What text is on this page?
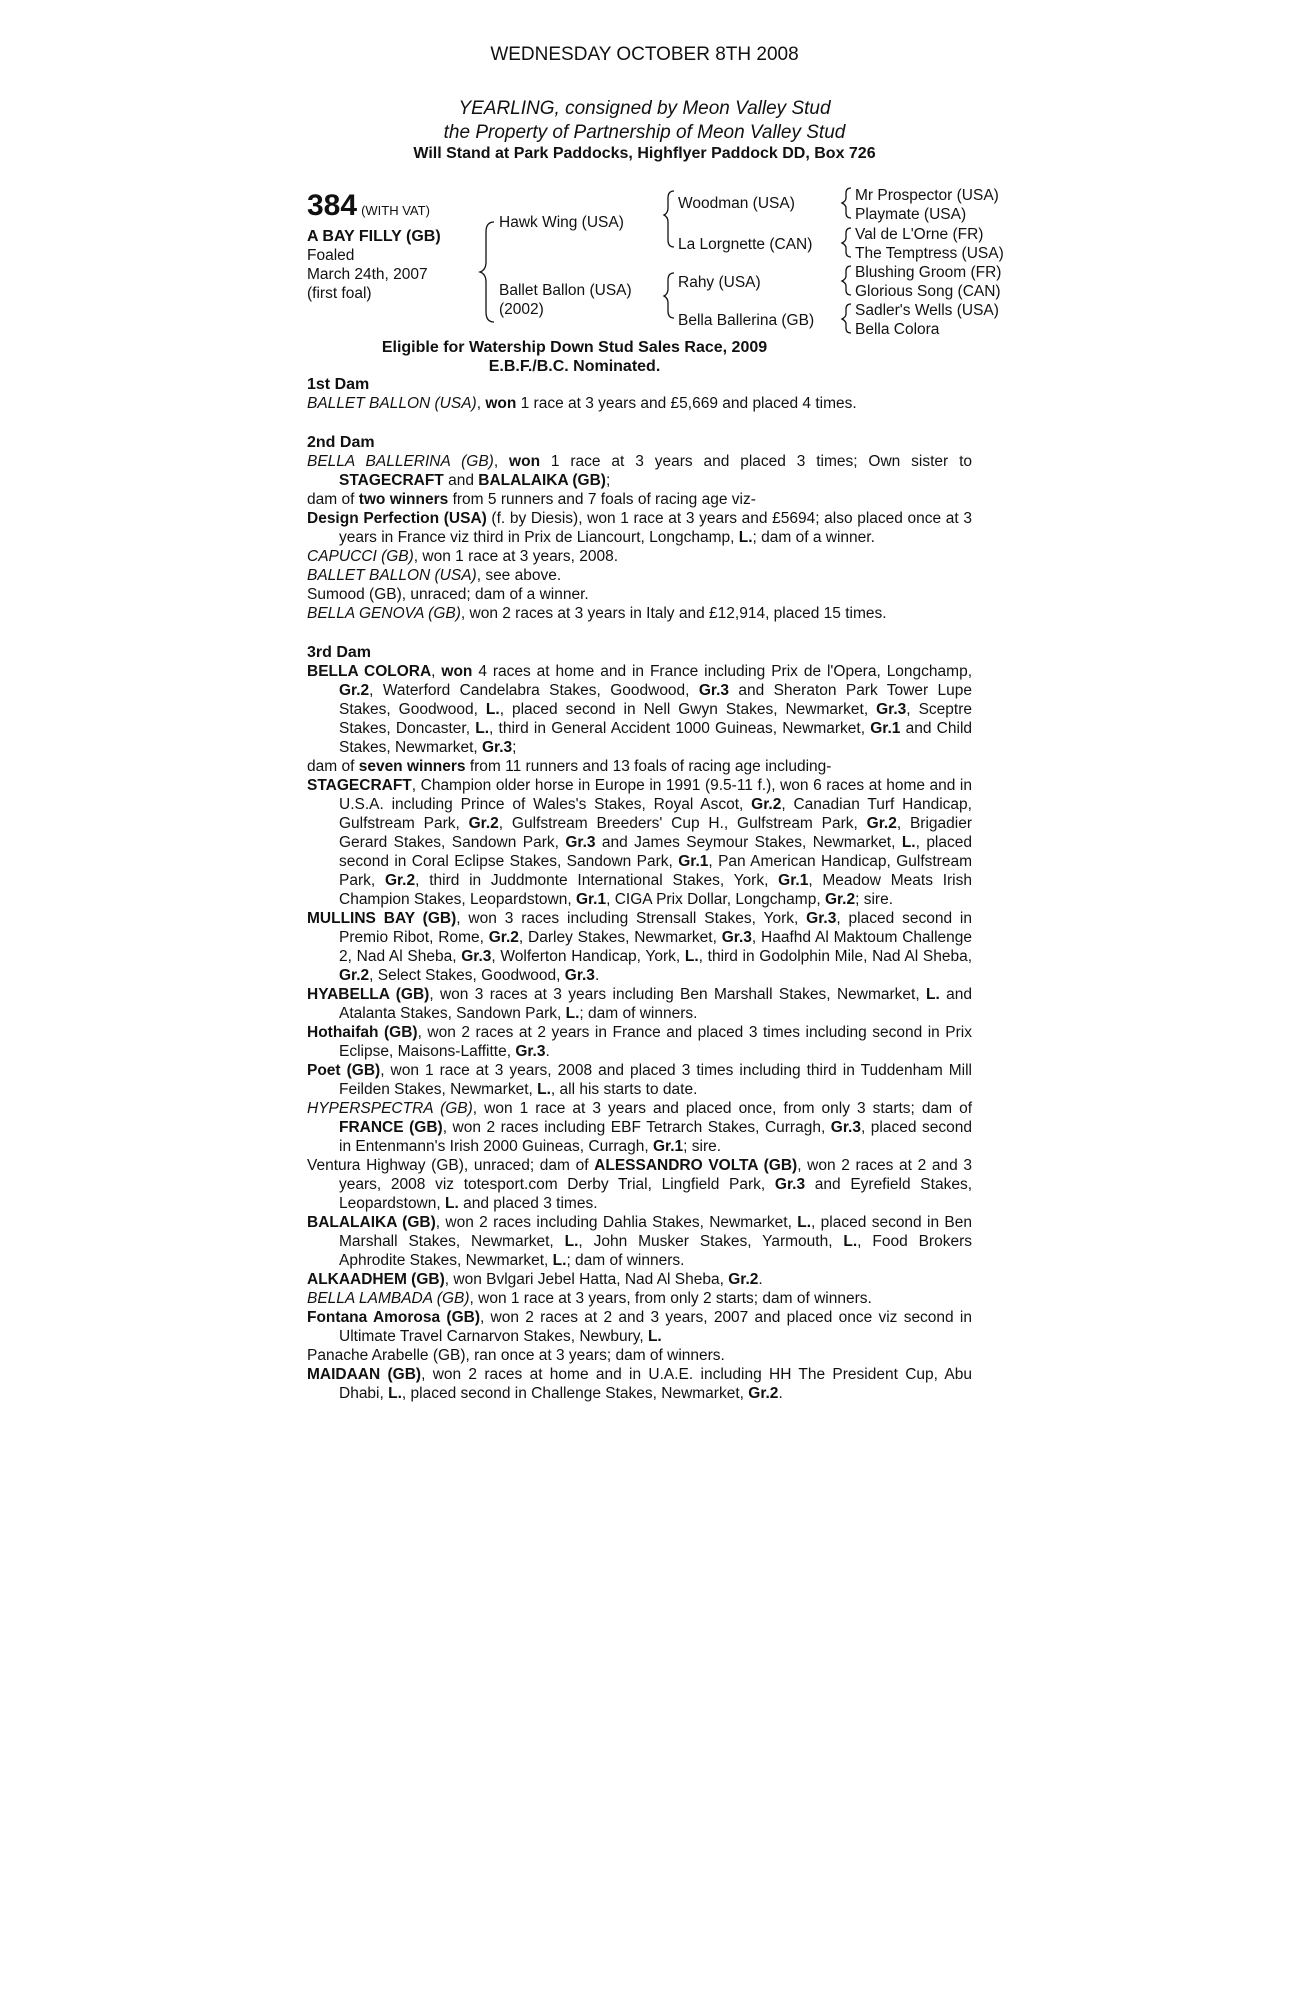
WEDNESDAY OCTOBER 8TH 2008
YEARLING, consigned by Meon Valley Stud
the Property of Partnership of Meon Valley Stud
Will Stand at Park Paddocks, Highflyer Paddock DD, Box 726
384 (WITH VAT)
A BAY FILLY (GB)
Foaled
March 24th, 2007
(first foal)
Hawk Wing (USA)
Ballet Ballon (USA)
(2002)
Woodman (USA)
La Lorgnette (CAN)
Rahy (USA)
Bella Ballerina (GB)
Mr Prospector (USA)
Playmate (USA)
Val de L'Orne (FR)
The Temptress (USA)
Blushing Groom (FR)
Glorious Song (CAN)
Sadler's Wells (USA)
Bella Colora
Eligible for Watership Down Stud Sales Race, 2009
E.B.F./B.C. Nominated.

1st Dam

BALLET BALLON (USA), won 1 race at 3 years and £5,669 and placed 4 times.

2nd Dam

BELLA BALLERINA (GB), won 1 race at 3 years and placed 3 times; Own sister to STAGECRAFT and BALALAIKA (GB);

dam of two winners from 5 runners and 7 foals of racing age viz-

Design Perfection (USA) (f. by Diesis), won 1 race at 3 years and £5694; also placed once at 3 years in France viz third in Prix de Liancourt, Longchamp, L.; dam of a winner.

CAPUCCI (GB), won 1 race at 3 years, 2008.

BALLET BALLON (USA), see above.

Sumood (GB), unraced; dam of a winner.

BELLA GENOVA (GB), won 2 races at 3 years in Italy and £12,914, placed 15 times.

3rd Dam

BELLA COLORA, won 4 races at home and in France including Prix de l'Opera, Longchamp, Gr.2, Waterford Candelabra Stakes, Goodwood, Gr.3 and Sheraton Park Tower Lupe Stakes, Goodwood, L., placed second in Nell Gwyn Stakes, Newmarket, Gr.3, Sceptre Stakes, Doncaster, L., third in General Accident 1000 Guineas, Newmarket, Gr.1 and Child Stakes, Newmarket, Gr.3;

dam of seven winners from 11 runners and 13 foals of racing age including-

STAGECRAFT, Champion older horse in Europe in 1991 (9.5-11 f.), won 6 races at home and in U.S.A. including Prince of Wales's Stakes, Royal Ascot, Gr.2, Canadian Turf Handicap, Gulfstream Park, Gr.2, Gulfstream Breeders' Cup H., Gulfstream Park, Gr.2, Brigadier Gerard Stakes, Sandown Park, Gr.3 and James Seymour Stakes, Newmarket, L., placed second in Coral Eclipse Stakes, Sandown Park, Gr.1, Pan American Handicap, Gulfstream Park, Gr.2, third in Juddmonte International Stakes, York, Gr.1, Meadow Meats Irish Champion Stakes, Leopardstown, Gr.1, CIGA Prix Dollar, Longchamp, Gr.2; sire.

MULLINS BAY (GB), won 3 races including Strensall Stakes, York, Gr.3, placed second in Premio Ribot, Rome, Gr.2, Darley Stakes, Newmarket, Gr.3, Haafhd Al Maktoum Challenge 2, Nad Al Sheba, Gr.3, Wolferton Handicap, York, L., third in Godolphin Mile, Nad Al Sheba, Gr.2, Select Stakes, Goodwood, Gr.3.

HYABELLA (GB), won 3 races at 3 years including Ben Marshall Stakes, Newmarket, L. and Atalanta Stakes, Sandown Park, L.; dam of winners.

Hothaifah (GB), won 2 races at 2 years in France and placed 3 times including second in Prix Eclipse, Maisons-Laffitte, Gr.3.

Poet (GB), won 1 race at 3 years, 2008 and placed 3 times including third in Tuddenham Mill Feilden Stakes, Newmarket, L., all his starts to date.

HYPERSPECTRA (GB), won 1 race at 3 years and placed once, from only 3 starts; dam of FRANCE (GB), won 2 races including EBF Tetrarch Stakes, Curragh, Gr.3, placed second in Entenmann's Irish 2000 Guineas, Curragh, Gr.1; sire.

Ventura Highway (GB), unraced; dam of ALESSANDRO VOLTA (GB), won 2 races at 2 and 3 years, 2008 viz totesport.com Derby Trial, Lingfield Park, Gr.3 and Eyrefield Stakes, Leopardstown, L. and placed 3 times.

BALALAIKA (GB), won 2 races including Dahlia Stakes, Newmarket, L., placed second in Ben Marshall Stakes, Newmarket, L., John Musker Stakes, Yarmouth, L., Food Brokers Aphrodite Stakes, Newmarket, L.; dam of winners.

ALKAADHEM (GB), won Bvlgari Jebel Hatta, Nad Al Sheba, Gr.2.

BELLA LAMBADA (GB), won 1 race at 3 years, from only 2 starts; dam of winners.

Fontana Amorosa (GB), won 2 races at 2 and 3 years, 2007 and placed once viz second in Ultimate Travel Carnarvon Stakes, Newbury, L.

Panache Arabelle (GB), ran once at 3 years; dam of winners.

MAIDAAN (GB), won 2 races at home and in U.A.E. including HH The President Cup, Abu Dhabi, L., placed second in Challenge Stakes, Newmarket, Gr.2.
